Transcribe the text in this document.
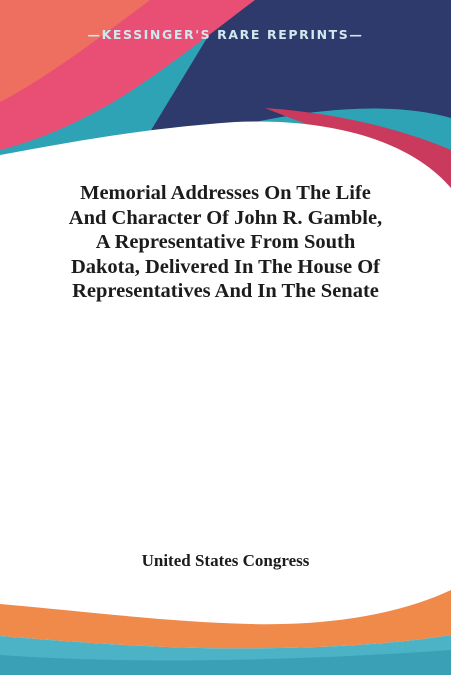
—KESSINGER'S RARE REPRINTS—
Memorial Addresses On The Life
And Character Of John R. Gamble,
A Representative From South
Dakota, Delivered In The House Of
Representatives And In The Senate
United States Congress
